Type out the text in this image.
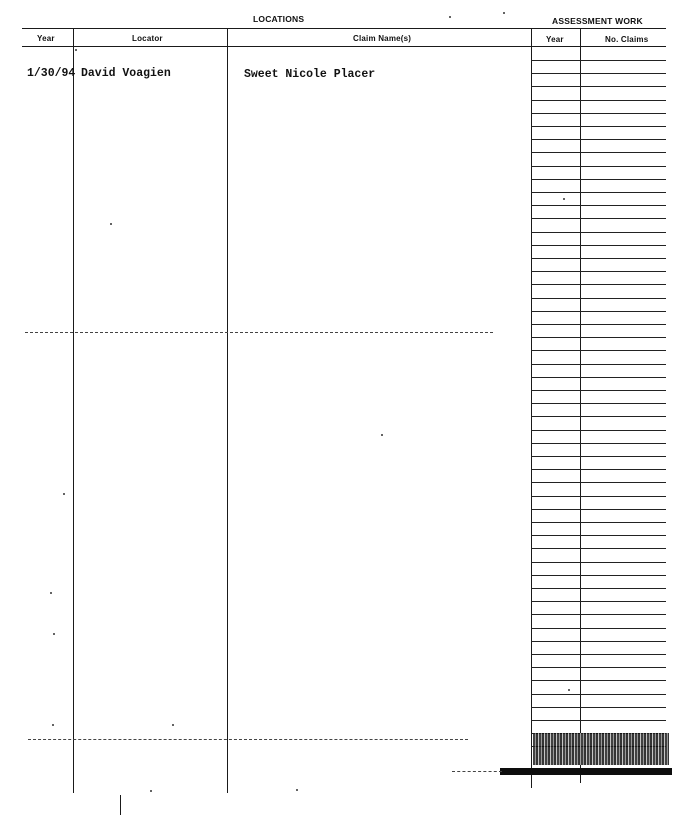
LOCATIONS	ASSESSMENT WORK
Year	Locator	Claim Name(s)	Year	No. Claims
1/30/94 David Voagien	Sweet Nicole Placer
